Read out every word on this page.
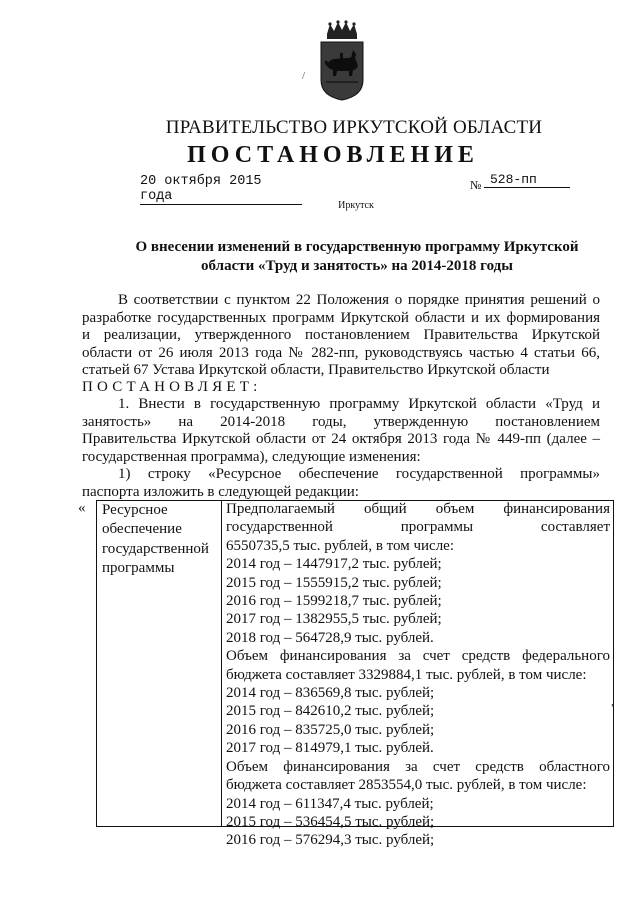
/
ПРАВИТЕЛЬСТВО ИРКУТСКОЙ ОБЛАСТИ
ПОСТАНОВЛЕНИЕ
20 октября 2015 года
№ 528-пп
Иркутск
О внесении изменений в государственную программу Иркутской
области «Труд и занятость» на 2014-2018 годы
В соответствии с пунктом 22 Положения о порядке принятия решений о
разработке государственных программ Иркутской области и их формирования
и реализации, утвержденного постановлением Правительства Иркутской
области от 26 июля 2013 года № 282-пп, руководствуясь частью 4 статьи 66,
статьей 67 Устава Иркутской области, Правительство Иркутской области
ПОСТАНОВЛЯЕТ:
1. Внести в государственную программу Иркутской области «Труд и
занятость» на 2014-2018 годы, утвержденную постановлением
Правительства Иркутской области от 24 октября 2013 года № 449-пп (далее –
государственная программа), следующие изменения:
1) строку «Ресурсное обеспечение государственной программы»
паспорта изложить в следующей редакции:
« Ресурсное
обеспечение
государственной
программы
Предполагаемый общий объем финансирования
государственной программы составляет
6550735,5 тыс. рублей, в том числе:
2014 год – 1447917,2 тыс. рублей;
2015 год – 1555915,2 тыс. рублей;
2016 год – 1599218,7 тыс. рублей;
2017 год – 1382955,5 тыс. рублей;
2018 год – 564728,9 тыс. рублей.
Объем финансирования за счет средств федерального
бюджета составляет 3329884,1 тыс. рублей, в том числе:
2014 год – 836569,8 тыс. рублей;
2015 год – 842610,2 тыс. рублей;
2016 год – 835725,0 тыс. рублей;
2017 год – 814979,1 тыс. рублей.
Объем финансирования за счет средств областного
бюджета составляет 2853554,0 тыс. рублей, в том числе:
2014 год – 611347,4 тыс. рублей;
2015 год – 536454,5 тыс. рублей;
2016 год – 576294,3 тыс. рублей;
,
